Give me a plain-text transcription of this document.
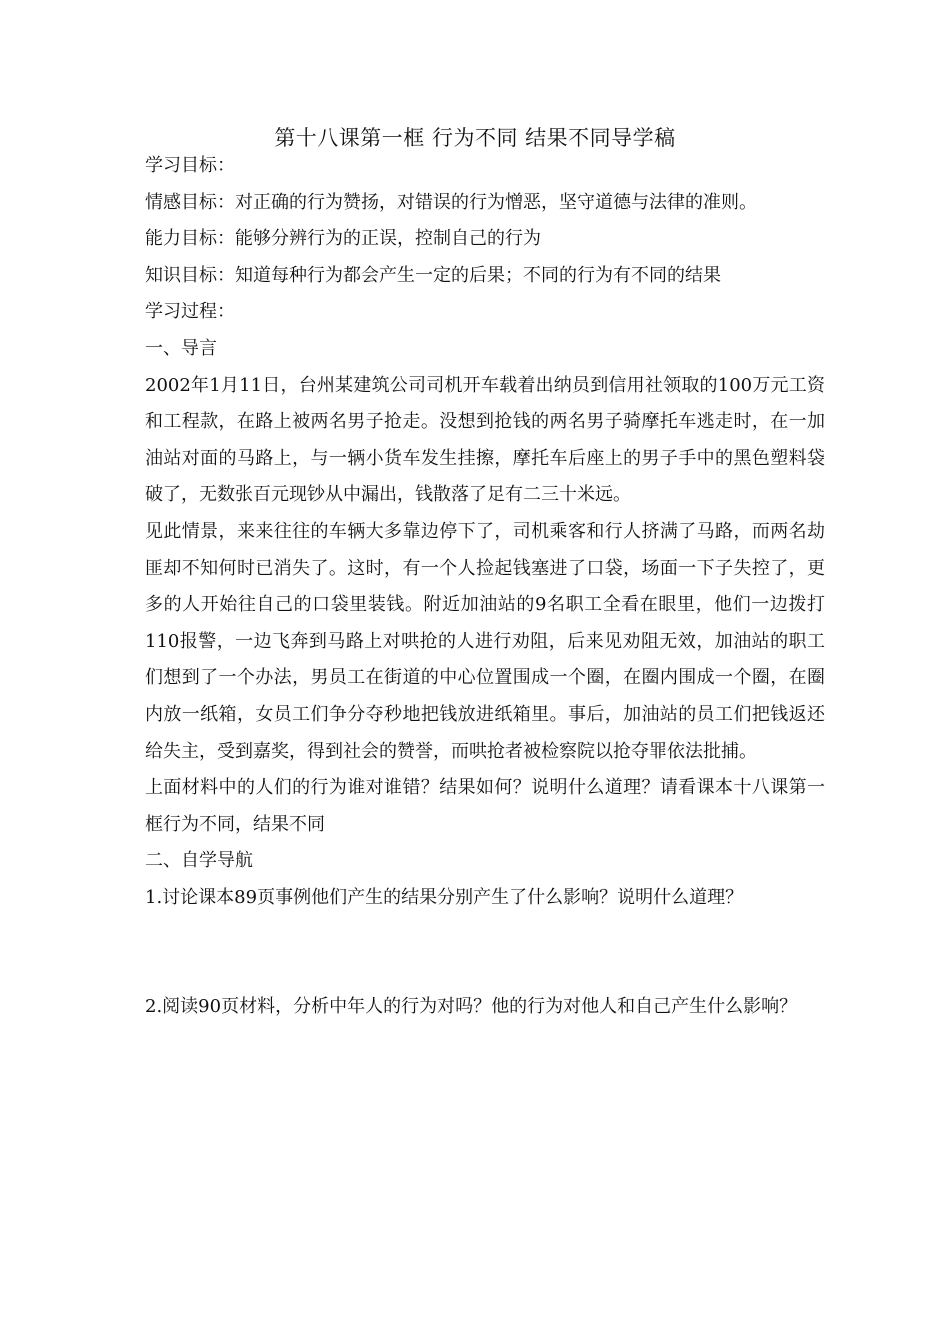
第十八课第一框 行为不同 结果不同导学稿

学习目标：

情感目标：对正确的行为赞扬，对错误的行为憎恶，坚守道德与法律的准则。

能力目标：能够分辨行为的正误，控制自己的行为

知识目标：知道每种行为都会产生一定的后果；不同的行为有不同的结果

学习过程：

一、导言

2002年1月11日，台州某建筑公司司机开车载着出纳员到信用社领取的100万元工资和工程款，在路上被两名男子抢走。没想到抢钱的两名男子骑摩托车逃走时，在一加油站对面的马路上，与一辆小货车发生挂擦，摩托车后座上的男子手中的黑色塑料袋破了，无数张百元现钞从中漏出，钱散落了足有二三十米远。

见此情景，来来往往的车辆大多靠边停下了，司机乘客和行人挤满了马路，而两名劫匪却不知何时已消失了。这时，有一个人捡起钱塞进了口袋，场面一下子失控了，更多的人开始往自己的口袋里装钱。附近加油站的9名职工全看在眼里，他们一边拨打110报警，一边飞奔到马路上对哄抢的人进行劝阻，后来见劝阻无效，加油站的职工们想到了一个办法，男员工在街道的中心位置围成一个圈，在圈内围成一个圈，在圈内放一纸箱，女员工们争分夺秒地把钱放进纸箱里。事后，加油站的员工们把钱返还给失主，受到嘉奖，得到社会的赞誉，而哄抢者被检察院以抢夺罪依法批捕。

上面材料中的人们的行为谁对谁错？结果如何？说明什么道理？请看课本十八课第一框行为不同，结果不同

二、自学导航

1.讨论课本89页事例他们产生的结果分别产生了什么影响？说明什么道理？

2.阅读90页材料，分析中年人的行为对吗？他的行为对他人和自己产生什么影响？
